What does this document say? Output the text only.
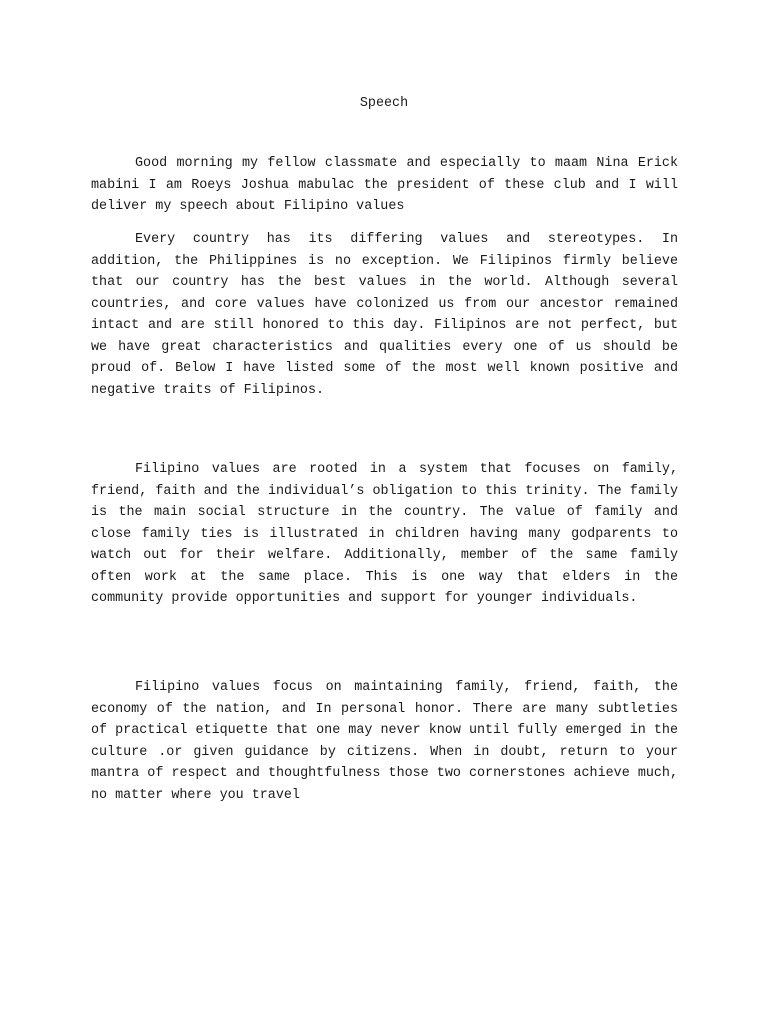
Speech

Good morning my fellow classmate and especially to maam Nina Erick mabini I am Roeys Joshua mabulac the president of these club and I will deliver my speech about Filipino values

Every country has its differing values and stereotypes. In addition, the Philippines is no exception. We Filipinos firmly believe that our country has the best values in the world. Although several countries, and core values have colonized us from our ancestor remained intact and are still honored to this day. Filipinos are not perfect, but we have great characteristics and qualities every one of us should be proud of. Below I have listed some of the most well known positive and negative traits of Filipinos.

Filipino values are rooted in a system that focuses on family, friend, faith and the individual’s obligation to this trinity. The family is the main social structure in the country. The value of family and close family ties is illustrated in children having many godparents to watch out for their welfare. Additionally, member of the same family often work at the same place. This is one way that elders in the community provide opportunities and support for younger individuals.

Filipino values focus on maintaining family, friend, faith, the economy of the nation, and In personal honor. There are many subtleties of practical etiquette that one may never know until fully emerged in the culture .or given guidance by citizens. When in doubt, return to your mantra of respect and thoughtfulness those two cornerstones achieve much, no matter where you travel
